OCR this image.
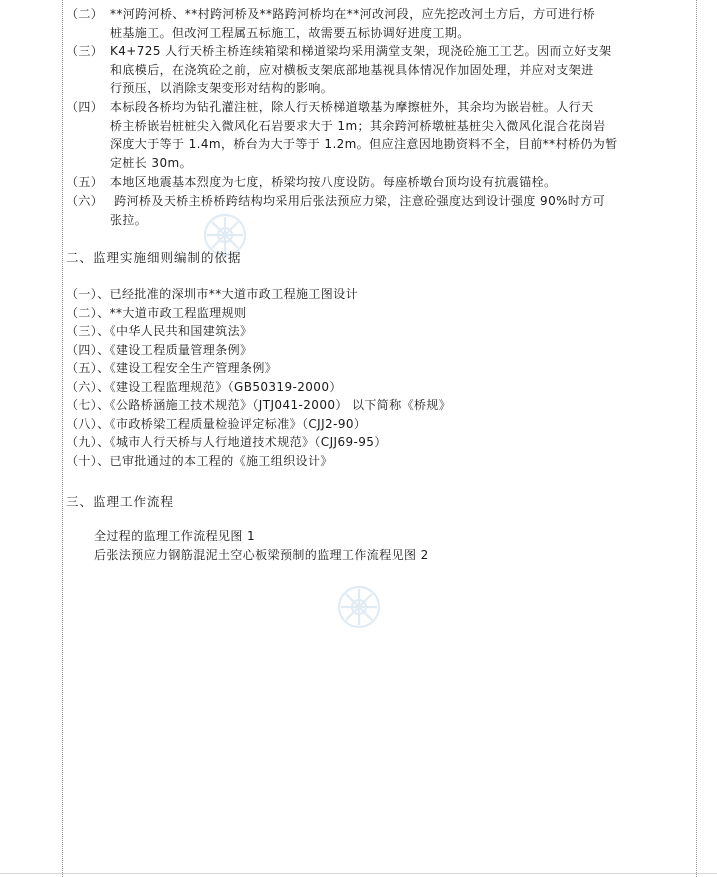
（二） **河跨河桥、**村跨河桥及**路跨河桥均在**河改河段，应先挖改河土方后，方可进行桥
桩基施工。但改河工程属五标施工，故需要五标协调好进度工期。
（三） K4+725 人行天桥主桥连续箱梁和梯道梁均采用满堂支架，现浇砼施工工艺。因而立好支架
和底模后，在浇筑砼之前，应对横板支架底部地基视具体情况作加固处理，并应对支架进
行预压，以消除支架变形对结构的影响。
（四） 本标段各桥均为钻孔灌注桩，除人行天桥梯道墩基为摩擦桩外，其余均为嵌岩桩。人行天
桥主桥嵌岩桩桩尖入微风化石岩要求大于 1m；其余跨河桥墩桩基桩尖入微风化混合花岗岩
深度大于等于 1.4m，桥台为大于等于 1.2m。但应注意因地勘资料不全，目前**村桥仍为暂
定桩长 30m。
（五） 本地区地震基本烈度为七度，桥梁均按八度设防。每座桥墩台顶均设有抗震锚栓。
（六） 跨河桥及天桥主桥桥跨结构均采用后张法预应力梁，注意砼强度达到设计强度 90%时方可
张拉。
二、监理实施细则编制的依据
（一）、已经批准的深圳市**大道市政工程施工图设计
（二）、**大道市政工程监理规则
（三）、《中华人民共和国建筑法》
（四）、《建设工程质量管理条例》
（五）、《建设工程安全生产管理条例》
（六）、《建设工程监理规范》（GB50319-2000）
（七）、《公路桥涵施工技术规范》（JTJ041-2000） 以下简称《桥规》
（八）、《市政桥梁工程质量检验评定标准》（CJJ2-90）
（九）、《城市人行天桥与人行地道技术规范》（CJJ69-95）
（十）、已审批通过的本工程的《施工组织设计》
三、监理工作流程
全过程的监理工作流程见图 1
后张法预应力钢筋混泥土空心板梁预制的监理工作流程见图 2
